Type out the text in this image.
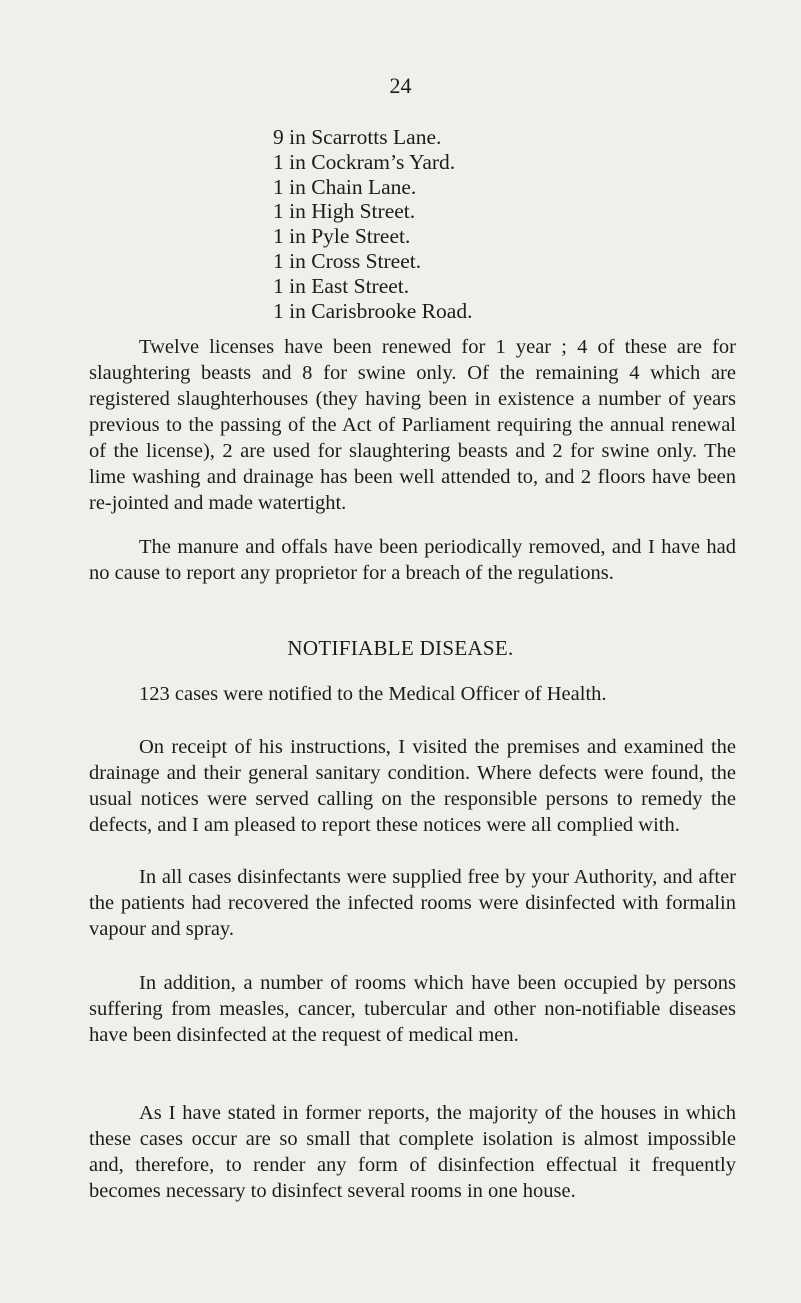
24
9 in Scarrotts Lane.
1 in Cockram’s Yard.
1 in Chain Lane.
1 in High Street.
1 in Pyle Street.
1 in Cross Street.
1 in East Street.
1 in Carisbrooke Road.

Twelve licenses have been renewed for 1 year ; 4 of these are for slaughtering beasts and 8 for swine only. Of the remaining 4 which are registered slaughterhouses (they having been in existence a number of years previous to the passing of the Act of Parliament requiring the annual renewal of the license), 2 are used for slaughtering beasts and 2 for swine only. The lime washing and drainage has been well attended to, and 2 floors have been re-jointed and made watertight.

The manure and offals have been periodically removed, and I have had no cause to report any proprietor for a breach of the regulations.

NOTIFIABLE DISEASE.

123 cases were notified to the Medical Officer of Health.

On receipt of his instructions, I visited the premises and examined the drainage and their general sanitary condition. Where defects were found, the usual notices were served calling on the responsible persons to remedy the defects, and I am pleased to report these notices were all complied with.

In all cases disinfectants were supplied free by your Authority, and after the patients had recovered the infected rooms were disinfected with formalin vapour and spray.

In addition, a number of rooms which have been occupied by persons suffering from measles, cancer, tubercular and other non-notifiable diseases have been disinfected at the request of medical men.

As I have stated in former reports, the majority of the houses in which these cases occur are so small that complete isolation is almost impossible and, therefore, to render any form of disinfection effectual it frequently becomes necessary to disinfect several rooms in one house.
